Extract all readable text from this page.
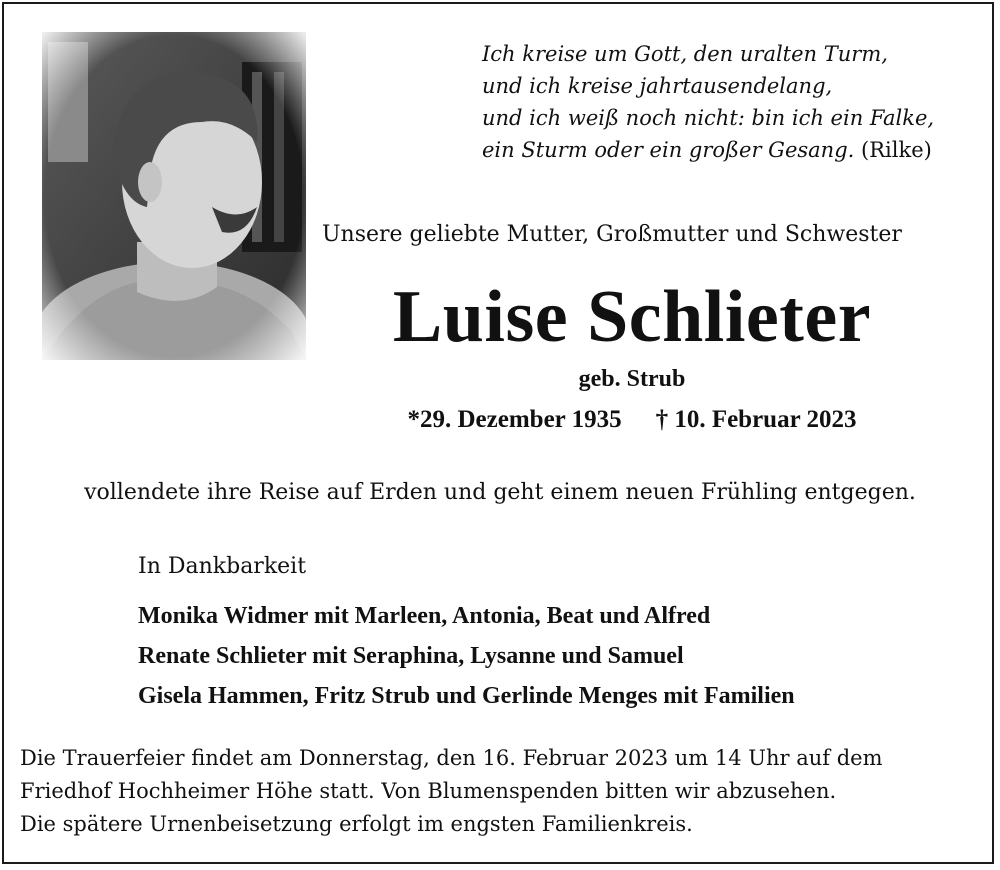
Ich kreise um Gott, den uralten Turm,
und ich kreise jahrtausendelang,
und ich weiß noch nicht: bin ich ein Falke,
ein Sturm oder ein großer Gesang. (Rilke)
Unsere geliebte Mutter, Großmutter und Schwester
Luise Schlieter
geb. Strub
*29. Dezember 1935 † 10. Februar 2023
vollendete ihre Reise auf Erden und geht einem neuen Frühling entgegen.
In Dankbarkeit
Monika Widmer mit Marleen, Antonia, Beat und Alfred
Renate Schlieter mit Seraphina, Lysanne und Samuel
Gisela Hammen, Fritz Strub und Gerlinde Menges mit Familien
Die Trauerfeier findet am Donnerstag, den 16. Februar 2023 um 14 Uhr auf dem
Friedhof Hochheimer Höhe statt. Von Blumenspenden bitten wir abzusehen.
Die spätere Urnenbeisetzung erfolgt im engsten Familienkreis.
